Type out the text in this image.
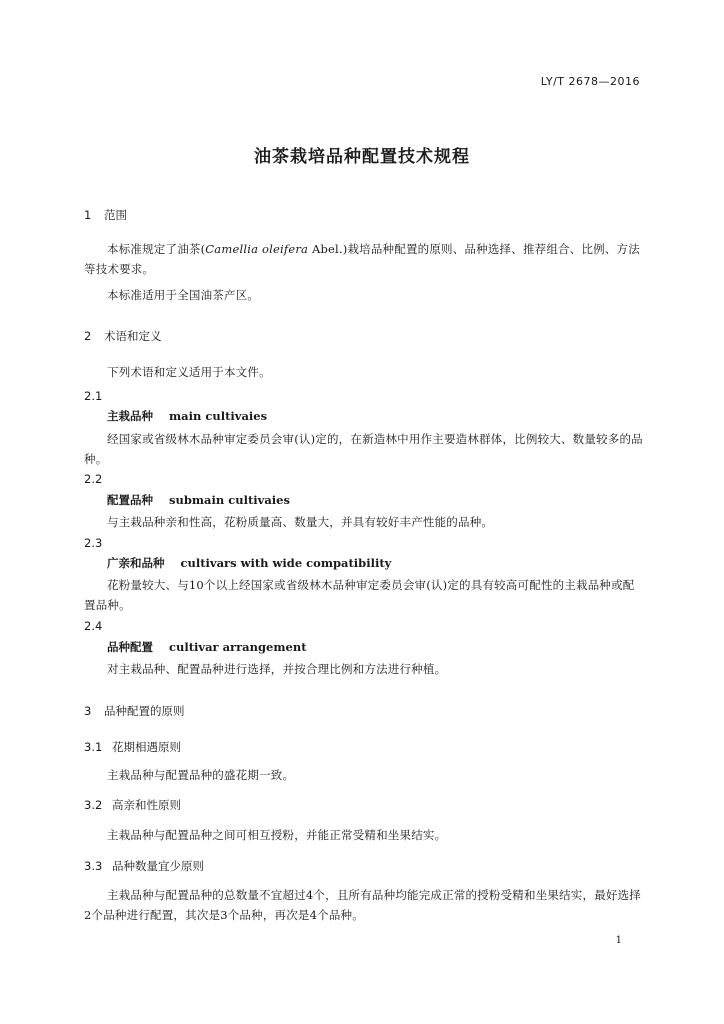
LY/T 2678—2016
油茶栽培品种配置技术规程
1 范围
本标准规定了油茶(Camellia oleifera Abel.)栽培品种配置的原则、品种选择、推荐组合、比例、方法等技术要求。
本标准适用于全国油茶产区。
2 术语和定义
下列术语和定义适用于本文件。
2.1
主栽品种 main cultivaies
经国家或省级林木品种审定委员会审(认)定的，在新造林中用作主要造林群体，比例较大、数量较多的品种。
2.2
配置品种 submain cultivaies
与主栽品种亲和性高，花粉质量高、数量大，并具有较好丰产性能的品种。
2.3
广亲和品种 cultivars with wide compatibility
花粉量较大、与10个以上经国家或省级林木品种审定委员会审(认)定的具有较高可配性的主栽品种或配置品种。
2.4
品种配置 cultivar arrangement
对主栽品种、配置品种进行选择，并按合理比例和方法进行种植。
3 品种配置的原则
3.1 花期相遇原则
主栽品种与配置品种的盛花期一致。
3.2 高亲和性原则
主栽品种与配置品种之间可相互授粉，并能正常受精和坐果结实。
3.3 品种数量宜少原则
主栽品种与配置品种的总数量不宜超过4个，且所有品种均能完成正常的授粉受精和坐果结实，最好选择2个品种进行配置，其次是3个品种，再次是4个品种。
1
